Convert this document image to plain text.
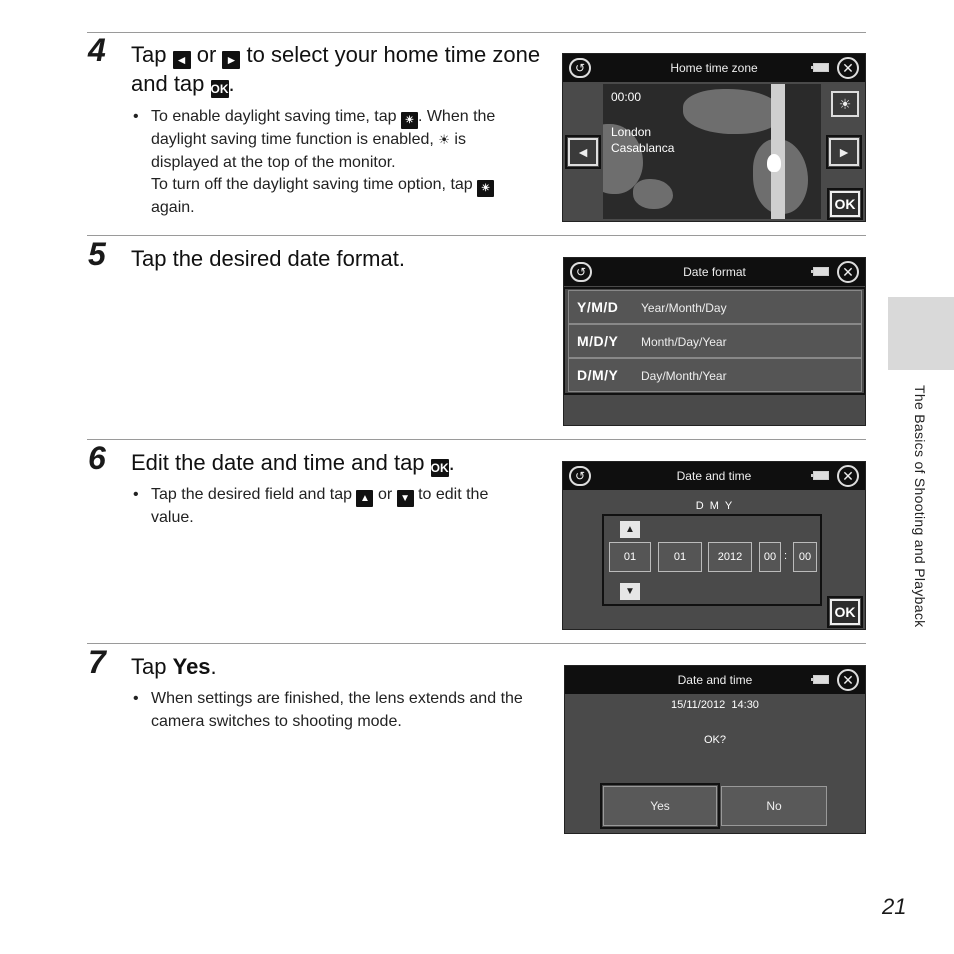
4 Tap ◄ or ► to select your home time zone and tap OK.
• To enable daylight saving time, tap ☀ . When the daylight saving time function is enabled, ☀ is displayed at the top of the monitor.
To turn off the daylight saving time option, tap ☀ again.
↺	Home time zone	✕
00:00
London
Casablanca
◄	►
☀
OK
5 Tap the desired date format.
↺	Date format	✕
Y/M/D Year/Month/Day
M/D/Y Month/Day/Year
D/M/Y Day/Month/Year
6 Edit the date and time and tap OK.
• Tap the desired field and tap ▲ or ▼ to edit the value.
↺	Date and time	✕
D  M  Y
▲
▼
01	01	2012	00 :	00
OK
7 Tap Yes.
• When settings are finished, the lens extends and the camera switches to shooting mode.
Date and time	✕
15/11/2012  14:30
OK?
Yes	No
The Basics of Shooting and Playback
21
